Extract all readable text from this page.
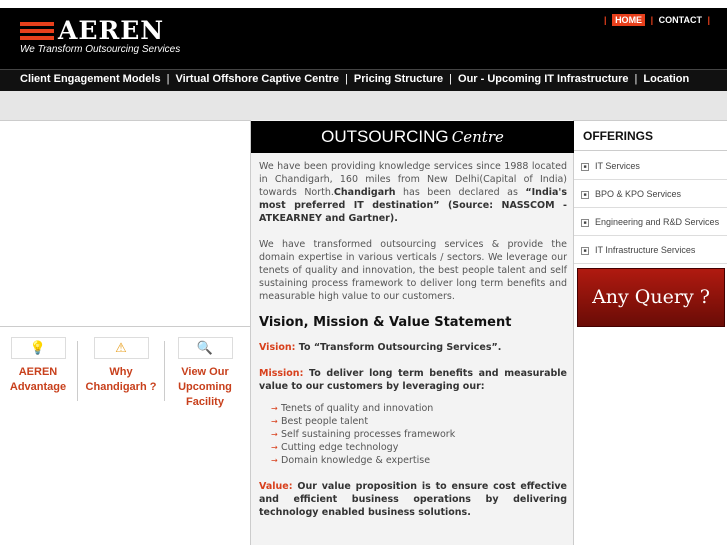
AEREN
We Transform Outsourcing Services
| HOME | CONTACT |
Client Engagement Models | Virtual Offshore Captive Centre | Pricing Structure | Our - Upcoming IT Infrastructure | Location
💡
AEREN
Advantage
⚠
Why
Chandigarh ?
🔍
View Our
Upcoming
Facility
OUTSOURCING Centre

We have been providing knowledge services since 1988 located in Chandigarh, 160 miles from New Delhi(Capital of India) towards North.Chandigarh has been declared as “India's most preferred IT destination” (Source: NASSCOM - ATKEARNEY and Gartner).

We have transformed outsourcing services & provide the domain expertise in various verticals / sectors. We leverage our tenets of quality and innovation, the best people talent and self sustaining process framework to deliver long term benefits and measurable high value to our customers.

Vision, Mission & Value Statement

Vision: To “Transform Outsourcing Services”.

Mission: To deliver long term benefits and measurable value to our customers by leveraging our:

→ Tenets of quality and innovation
→ Best people talent
→ Self sustaining processes framework
→ Cutting edge technology
→ Domain knowledge & expertise

Value: Our value proposition is to ensure cost effective and efficient business operations by delivering technology enabled business solutions.

OFFERINGS
■ IT Services
■ BPO & KPO Services
■ Engineering and R&D Services
■ IT Infrastructure Services
Any Query ?
